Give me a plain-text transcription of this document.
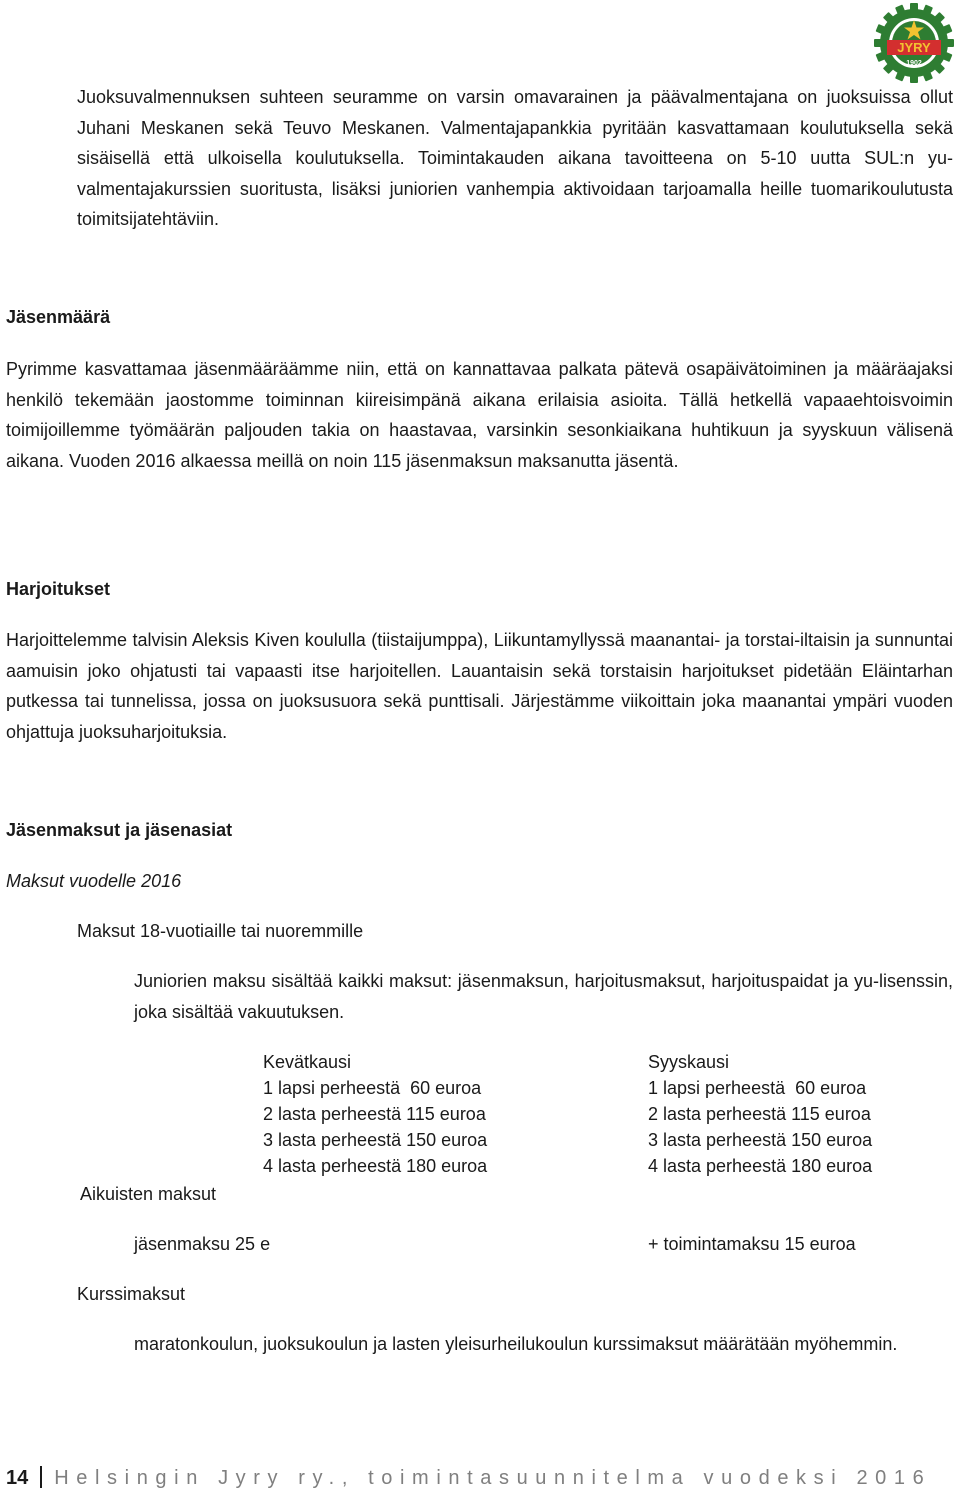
JYRY
1902
Juoksuvalmennuksen suhteen seuramme on varsin omavarainen ja päävalmentajana on juoksuissa ollut Juhani Meskanen sekä Teuvo Meskanen. Valmentajapankkia pyritään kasvattamaan koulutuksella sekä sisäisellä että ulkoisella koulutuksella. Toimintakauden aikana tavoitteena on 5-10 uutta SUL:n yu-valmentajakurssien suoritusta, lisäksi juniorien vanhempia aktivoidaan tarjoamalla heille tuomarikoulutusta toimitsijatehtäviin.
Jäsenmäärä
Pyrimme kasvattamaa jäsenmääräämme niin, että on kannattavaa palkata pätevä osapäivätoiminen ja määräajaksi henkilö tekemään jaostomme toiminnan kiireisimpänä aikana erilaisia asioita. Tällä hetkellä vapaaehtoisvoimin toimijoillemme työmäärän paljouden takia on haastavaa, varsinkin sesonkiaikana huhtikuun ja syyskuun välisenä aikana. Vuoden 2016 alkaessa meillä on noin 115 jäsenmaksun maksanutta jäsentä.
Harjoitukset
Harjoittelemme talvisin Aleksis Kiven koululla (tiistaijumppa), Liikuntamyllyssä maanantai- ja torstai-iltaisin ja sunnuntai aamuisin joko ohjatusti tai vapaasti itse harjoitellen. Lauantaisin sekä torstaisin harjoitukset pidetään Eläintarhan putkessa tai tunnelissa, jossa on juoksusuora sekä punttisali. Järjestämme viikoittain joka maanantai ympäri vuoden ohjattuja juoksuharjoituksia.
Jäsenmaksut ja jäsenasiat
Maksut vuodelle 2016
Maksut 18-vuotiaille tai nuoremmille
Juniorien maksu sisältää kaikki maksut: jäsenmaksun, harjoitusmaksut, harjoituspaidat ja yu-lisenssin, joka sisältää vakuutuksen.
Kevätkausi
1 lapsi perheestä  60 euroa
2 lasta perheestä 115 euroa
3 lasta perheestä 150 euroa
4 lasta perheestä 180 euroa
Syyskausi
1 lapsi perheestä  60 euroa
2 lasta perheestä 115 euroa
3 lasta perheestä 150 euroa
4 lasta perheestä 180 euroa
Aikuisten maksut
jäsenmaksu 25 e	+ toimintamaksu 15 euroa
Kurssimaksut
maratonkoulun, juoksukoulun ja lasten yleisurheilukoulun kurssimaksut määrätään myöhemmin.
14 Helsingin Jyry ry., toimintasuunnitelma vuodeksi 2016
